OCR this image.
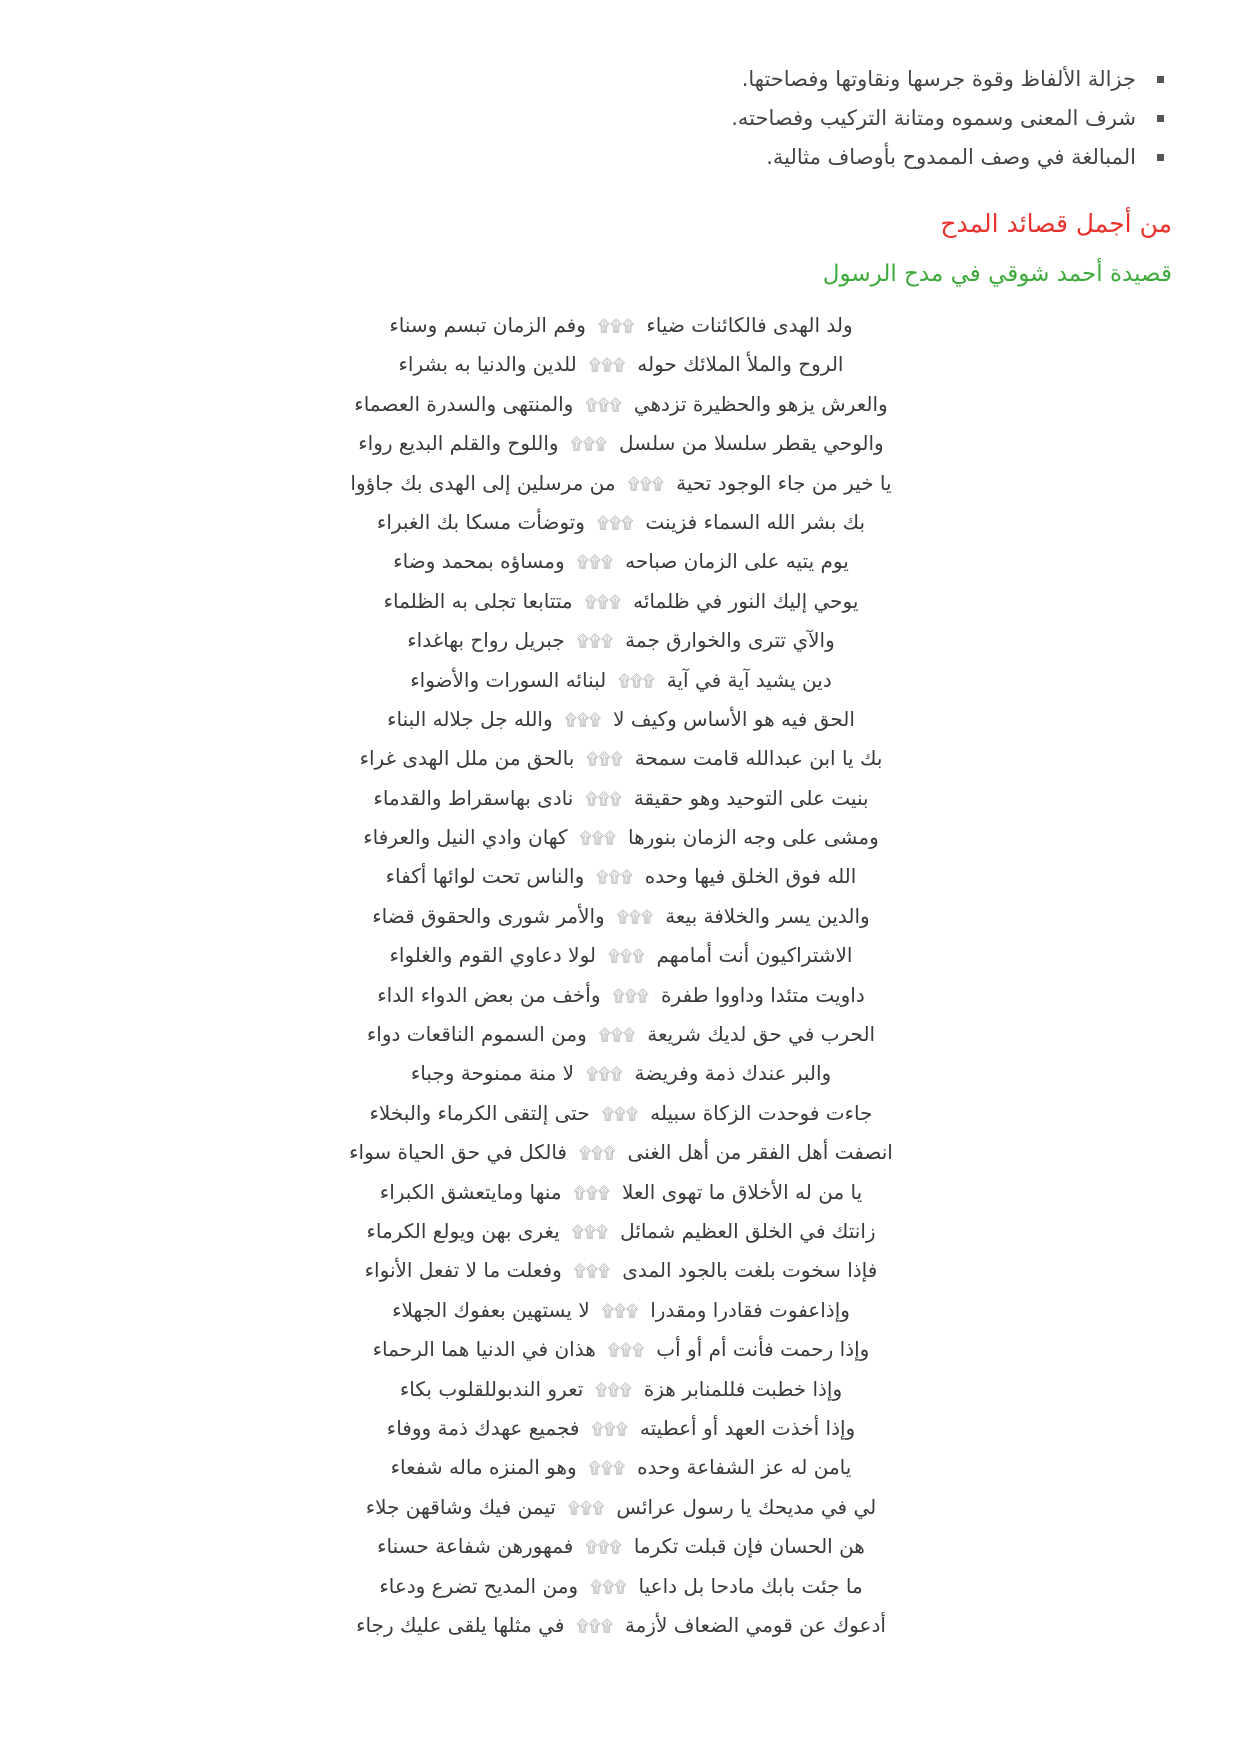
جزالة الألفاظ وقوة جرسها ونقاوتها وفصاحتها.
شرف المعنى وسموه ومتانة التركيب وفصاحته.
المبالغة في وصف الممدوح بأوصاف مثالية.
من أجمل قصائد المدح
قصيدة أحمد شوقي في مدح الرسول
ولد الهدى فالكائنات ضياء۩۩۩وفم الزمان تبسم وسناء
الروح والملأ الملائك حوله۩۩۩للدين والدنيا به بشراء
والعرش يزهو والحظيرة تزدهي۩۩۩والمنتهى والسدرة العصماء
والوحي يقطر سلسلا من سلسل۩۩۩واللوح والقلم البديع رواء
يا خير من جاء الوجود تحية۩۩۩من مرسلين إلى الهدى بك جاؤوا
بك بشر الله السماء فزينت۩۩۩وتوضأت مسكا بك الغبراء
يوم يتيه على الزمان صباحه۩۩۩ومساؤه بمحمد وضاء
يوحي إليك النور في ظلمائه۩۩۩متتابعا تجلى به الظلماء
والآي تترى والخوارق جمة۩۩۩جبريل رواح بهاغداء
دين يشيد آية في آية۩۩۩لبنائه السورات والأضواء
الحق فيه هو الأساس وكيف لا۩۩۩والله جل جلاله البناء
بك يا ابن عبدالله قامت سمحة۩۩۩بالحق من ملل الهدى غراء
بنيت على التوحيد وهو حقيقة۩۩۩نادى بهاسقراط والقدماء
ومشى على وجه الزمان بنورها۩۩۩كهان وادي النيل والعرفاء
الله فوق الخلق فيها وحده۩۩۩والناس تحت لوائها أكفاء
والدين يسر والخلافة بيعة۩۩۩والأمر شورى والحقوق قضاء
الاشتراكيون أنت أمامهم۩۩۩لولا دعاوي القوم والغلواء
داويت متئدا وداووا طفرة۩۩۩وأخف من بعض الدواء الداء
الحرب في حق لديك شريعة۩۩۩ومن السموم الناقعات دواء
والبر عندك ذمة وفريضة۩۩۩لا منة ممنوحة وجباء
جاءت فوحدت الزكاة سبيله۩۩۩حتى إلتقى الكرماء والبخلاء
انصفت أهل الفقر من أهل الغنى۩۩۩فالكل في حق الحياة سواء
يا من له الأخلاق ما تهوى العلا۩۩۩منها ومايتعشق الكبراء
زانتك في الخلق العظيم شمائل۩۩۩يغرى بهن ويولع الكرماء
فإذا سخوت بلغت بالجود المدى۩۩۩وفعلت ما لا تفعل الأنواء
وإذاعفوت فقادرا ومقدرا۩۩۩لا يستهين بعفوك الجهلاء
وإذا رحمت فأنت أم أو أب۩۩۩هذان في الدنيا هما الرحماء
وإذا خطبت فللمنابر هزة۩۩۩تعرو الندبوللقلوب بكاء
وإذا أخذت العهد أو أعطيته۩۩۩فجميع عهدك ذمة ووفاء
يامن له عز الشفاعة وحده۩۩۩وهو المنزه ماله شفعاء
لي في مديحك يا رسول عرائس۩۩۩تيمن فيك وشاقهن جلاء
هن الحسان فإن قبلت تكرما۩۩۩فمهورهن شفاعة حسناء
ما جئت بابك مادحا بل داعيا۩۩۩ومن المديح تضرع ودعاء
أدعوك عن قومي الضعاف لأزمة۩۩۩في مثلها يلقى عليك رجاء
